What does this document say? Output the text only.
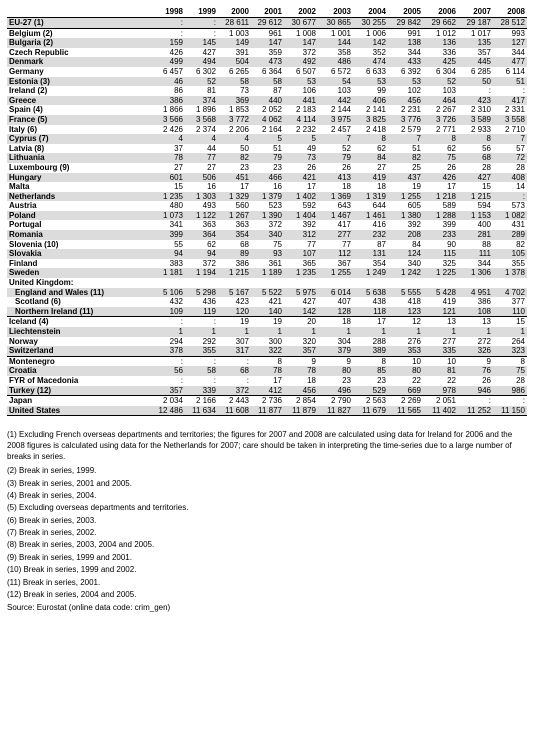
	1998	1999	2000	2001	2002	2003	2004	2005	2006	2007	2008
EU-27 (1)	:	:	28 611	29 612	30 677	30 865	30 255	29 842	29 662	29 187	28 512
Belgium (2)	:	:	1 003	961	1 008	1 001	1 006	991	1 012	1 017	993
Bulgaria (2)	159	145	149	147	147	144	142	138	136	135	127
Czech Republic	426	427	391	359	372	358	352	344	336	357	344
Denmark	499	494	504	473	492	486	474	433	425	445	477
Germany	6 457	6 302	6 265	6 364	6 507	6 572	6 633	6 392	6 304	6 285	6 114
Estonia (3)	46	52	58	58	53	54	53	53	52	50	51
Ireland (2)	86	81	73	87	106	103	99	102	103	:	:
Greece	386	374	369	440	441	442	406	456	464	423	417
Spain (4)	1 866	1 896	1 853	2 052	2 183	2 144	2 141	2 231	2 267	2 310	2 331
France (5)	3 566	3 568	3 772	4 062	4 114	3 975	3 825	3 776	3 726	3 589	3 558
Italy (6)	2 426	2 374	2 206	2 164	2 232	2 457	2 418	2 579	2 771	2 933	2 710
Cyprus (7)	4	4	4	5	5	7	8	7	8	8	7
Latvia (8)	37	44	50	51	49	52	62	51	62	56	57
Lithuania	78	77	82	79	73	79	84	82	75	68	72
Luxembourg (9)	27	27	23	23	26	26	27	25	26	28	28
Hungary	601	506	451	466	421	413	419	437	426	427	408
Malta	15	16	17	16	17	18	18	19	17	15	14
Netherlands	1 235	1 303	1 329	1 379	1 402	1 369	1 319	1 255	1 218	1 215	:
Austria	480	493	560	523	592	643	644	605	589	594	573
Poland	1 073	1 122	1 267	1 390	1 404	1 467	1 461	1 380	1 288	1 153	1 082
Portugal	341	363	363	372	392	417	416	392	399	400	431
Romania	399	364	354	340	312	277	232	208	233	281	289
Slovenia (10)	55	62	68	75	77	77	87	84	90	88	82
Slovakia	94	94	89	93	107	112	131	124	115	111	105
Finland	383	372	386	361	365	367	354	340	325	344	355
Sweden	1 181	1 194	1 215	1 189	1 235	1 255	1 249	1 242	1 225	1 306	1 378
United Kingdom:											
England and Wales (11)	5 106	5 298	5 167	5 522	5 975	6 014	5 638	5 555	5 428	4 951	4 702
Scotland (6)	432	436	423	421	427	407	438	418	419	386	377
Northern Ireland (11)	109	119	120	140	142	128	118	123	121	108	110
Iceland (4)	:	:	19	19	20	18	17	12	13	13	15
Liechtenstein	1	1	1	1	1	1	1	1	1	1	1
Norway	294	292	307	300	320	304	288	276	277	272	264
Switzerland	378	355	317	322	357	379	389	353	335	326	323
Montenegro	:	:	:	8	9	9	8	10	10	9	8
Croatia	56	58	68	78	78	80	85	80	81	76	75
FYR of Macedonia	:	:	:	17	18	23	23	22	22	26	28
Turkey (12)	357	339	372	412	456	496	529	669	978	946	986
Japan	2 034	2 166	2 443	2 736	2 854	2 790	2 563	2 269	2 051	:	:
United States	12 486	11 634	11 608	11 877	11 879	11 827	11 679	11 565	11 402	11 252	11 150
(1) Excluding French overseas departments and territories; the figures for 2007 and 2008 are calculated using data for Ireland for 2006 and the 2008 figures is calculated using data for the Netherlands for 2007; care should be taken in interpreting the time-series due to a large number of breaks in series.
(2) Break in series, 1999.
(3) Break in series, 2001 and 2005.
(4) Break in series, 2004.
(5) Excluding overseas departments and territories.
(6) Break in series, 2003.
(7) Break in series, 2002.
(8) Break in series, 2003, 2004 and 2005.
(9) Break in series, 1999 and 2001.
(10) Break in series, 1999 and 2002.
(11) Break in series, 2001.
(12) Break in series, 2004 and 2005.
Source: Eurostat (online data code: crim_gen)
